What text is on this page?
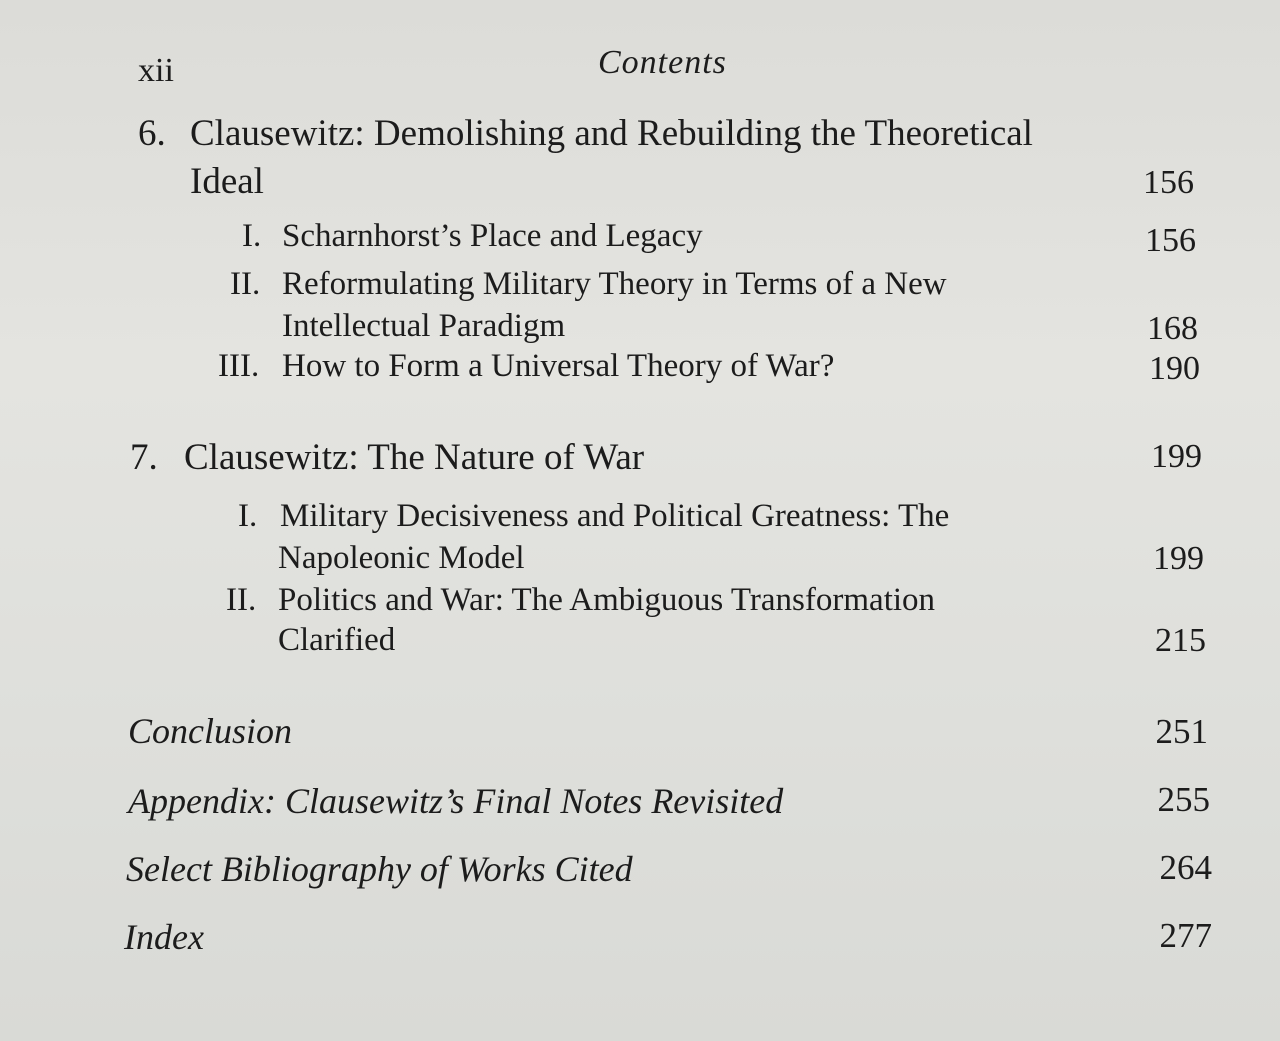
xii	Contents
6. Clausewitz: Demolishing and Rebuilding the Theoretical
Ideal	156
I. Scharnhorst’s Place and Legacy	156
II. Reformulating Military Theory in Terms of a New
Intellectual Paradigm	168
III. How to Form a Universal Theory of War?	190
7. Clausewitz: The Nature of War	199
I. Military Decisiveness and Political Greatness: The
Napoleonic Model	199
II. Politics and War: The Ambiguous Transformation
Clarified	215
Conclusion	251
Appendix: Clausewitz’s Final Notes Revisited	255
Select Bibliography of Works Cited	264
Index	277
